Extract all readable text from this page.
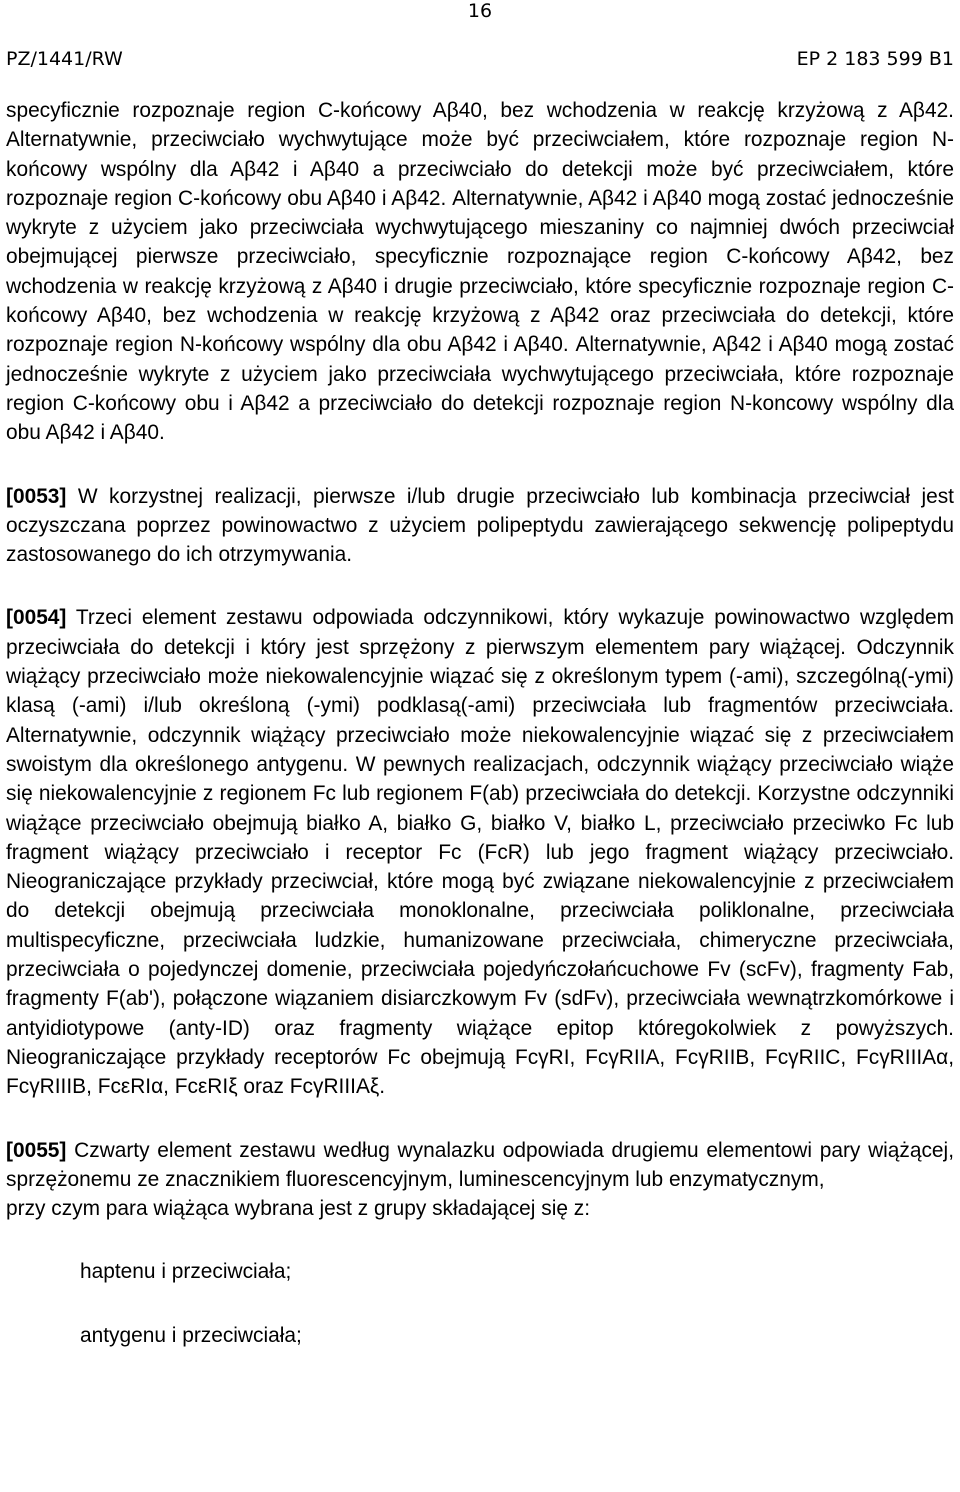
16
PZ/1441/RW	EP 2 183 599 B1

specyficznie rozpoznaje region C-końcowy Aβ40, bez wchodzenia w reakcję krzyżową z Aβ42. Alternatywnie, przeciwciało wychwytujące może być przeciwciałem, które rozpoznaje region N-końcowy wspólny dla Aβ42 i Aβ40 a przeciwciało do detekcji może być przeciwciałem, które rozpoznaje region C-końcowy obu Aβ40 i Aβ42. Alternatywnie, Aβ42 i Aβ40 mogą zostać jednocześnie wykryte z użyciem jako przeciwciała wychwytującego mieszaniny co najmniej dwóch przeciwciał obejmującej pierwsze przeciwciało, specyficznie rozpoznające region C-końcowy Aβ42, bez wchodzenia w reakcję krzyżową z Aβ40 i drugie przeciwciało, które specyficznie rozpoznaje region C-końcowy Aβ40, bez wchodzenia w reakcję krzyżową z Aβ42 oraz przeciwciała do detekcji, które rozpoznaje region N-końcowy wspólny dla obu Aβ42 i Aβ40. Alternatywnie, Aβ42 i Aβ40 mogą zostać jednocześnie wykryte z użyciem jako przeciwciała wychwytującego przeciwciała, które rozpoznaje region C-końcowy obu i Aβ42 a przeciwciało do detekcji rozpoznaje region N-koncowy wspólny dla obu Aβ42 i Aβ40.

[0053] W korzystnej realizacji, pierwsze i/lub drugie przeciwciało lub kombinacja przeciwciał jest oczyszczana poprzez powinowactwo z użyciem polipeptydu zawierającego sekwencję polipeptydu zastosowanego do ich otrzymywania.

[0054] Trzeci element zestawu odpowiada odczynnikowi, który wykazuje powinowactwo względem przeciwciała do detekcji i który jest sprzężony z pierwszym elementem pary wiążącej. Odczynnik wiążący przeciwciało może niekowalencyjnie wiązać się z określonym typem (-ami), szczególną(-ymi) klasą (-ami) i/lub określoną (-ymi) podklasą(-ami) przeciwciała lub fragmentów przeciwciała. Alternatywnie, odczynnik wiążący przeciwciało może niekowalencyjnie wiązać się z przeciwciałem swoistym dla określonego antygenu. W pewnych realizacjach, odczynnik wiążący przeciwciało wiąże się niekowalencyjnie z regionem Fc lub regionem F(ab) przeciwciała do detekcji. Korzystne odczynniki wiążące przeciwciało obejmują białko A, białko G, białko V, białko L, przeciwciało przeciwko Fc lub fragment wiążący przeciwciało i receptor Fc (FcR) lub jego fragment wiążący przeciwciało. Nieograniczające przykłady przeciwciał, które mogą być związane niekowalencyjnie z przeciwciałem do detekcji obejmują przeciwciała monoklonalne, przeciwciała poliklonalne, przeciwciała multispecyficzne, przeciwciała ludzkie, humanizowane przeciwciała, chimeryczne przeciwciała, przeciwciała o pojedynczej domenie, przeciwciała pojedyńczołańcuchowe Fv (scFv), fragmenty Fab, fragmenty F(ab'), połączone wiązaniem disiarczkowym Fv (sdFv), przeciwciała wewnątrzkomórkowe i antyidiotypowe (anty-ID) oraz fragmenty wiążące epitop któregokolwiek z powyższych. Nieograniczające przykłady receptorów Fc obejmują FcγRI, FcγRIIA, FcγRIIB, FcγRIIC, FcγRIIIAα, FcγRIIIB, FcεRIα, FcεRIξ oraz FcγRIIIAξ.

[0055] Czwarty element zestawu według wynalazku odpowiada drugiemu elementowi pary wiążącej, sprzężonemu ze znacznikiem fluorescencyjnym, luminescencyjnym lub enzymatycznym,

przy czym para wiążąca wybrana jest z grupy składającej się z:

haptenu i przeciwciała;

antygenu i przeciwciała;
